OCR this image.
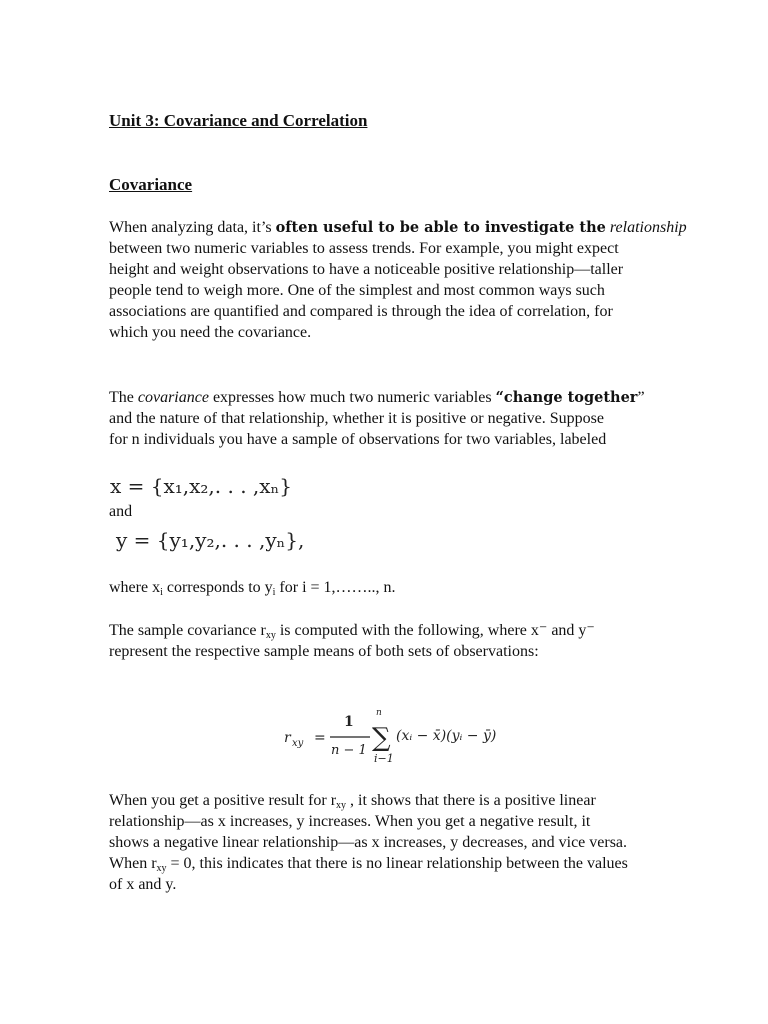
Unit 3: Covariance and Correlation
Covariance
When analyzing data, it’s often useful to be able to investigate the relationship
between two numeric variables to assess trends. For example, you might expect
height and weight observations to have a noticeable positive relationship—taller
people tend to weigh more. One of the simplest and most common ways such
associations are quantified and compared is through the idea of correlation, for
which you need the covariance.
The covariance expresses how much two numeric variables “change together”
and the nature of that relationship, whether it is positive or negative. Suppose
for n individuals you have a sample of observations for two variables, labeled
x = {x₁,x₂,. . . ,xₙ}
and
y = {y₁,y₂,. . . ,yₙ},
where $x_i$ corresponds to $y_i$ for i = 1,…….., n.
The sample covariance $r_{xy}$ is computed with the following, where x⁻ and y⁻
represent the respective sample means of both sets of observations:
r xy =
1
n − 1
n
∑
i−1
(xᵢ − x̄)(yᵢ − ȳ)
When you get a positive result for $r_{xy}$ , it shows that there is a positive linear
relationship—as x increases, y increases. When you get a negative result, it
shows a negative linear relationship—as x increases, y decreases, and vice versa.
When $r_{xy} = 0$, this indicates that there is no linear relationship between the values
of x and y.
